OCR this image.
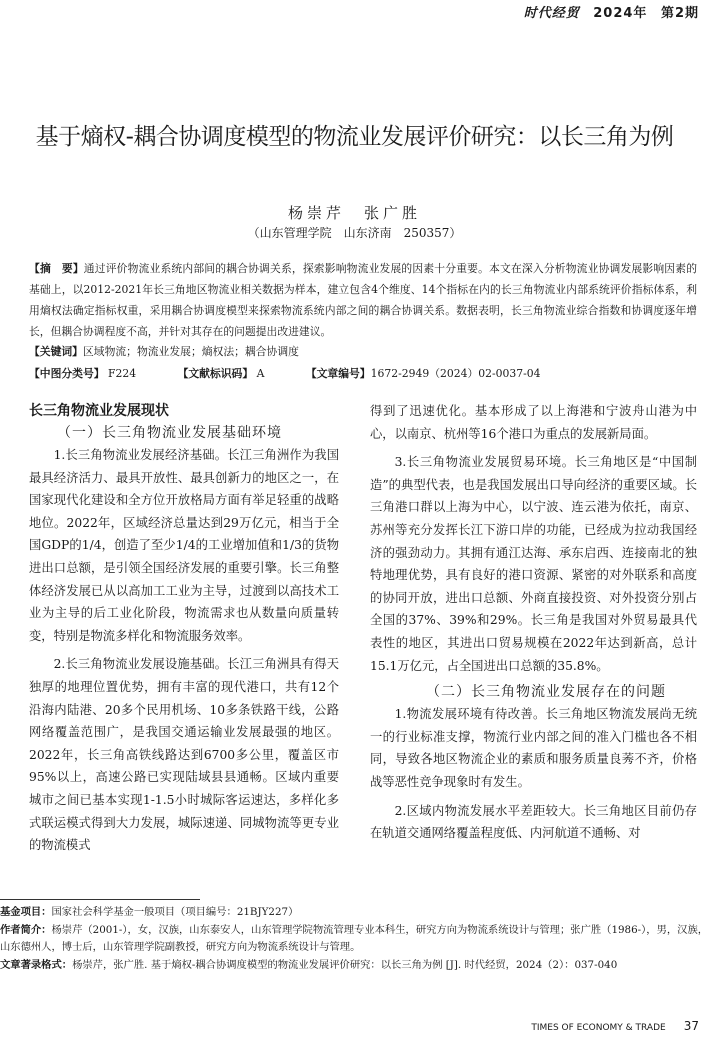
时代经贸 2024年 第2期
基于熵权-耦合协调度模型的物流业发展评价研究：以长三角为例
杨崇芹　张广胜
（山东管理学院　山东济南　250357）
【摘　要】通过评价物流业系统内部间的耦合协调关系，探索影响物流业发展的因素十分重要。本文在深入分析物流业协调发展影响因素的基础上，以2012-2021年长三角地区物流业相关数据为样本，建立包含4个维度、14个指标在内的长三角物流业内部系统评价指标体系，利用熵权法确定指标权重，采用耦合协调度模型来探索物流系统内部之间的耦合协调关系。数据表明，长三角物流业综合指数和协调度逐年增长，但耦合协调程度不高，并针对其存在的问题提出改进建议。
【关键词】区域物流；物流业发展；熵权法；耦合协调度
【中图分类号】 F224	【文献标识码】 A	【文章编号】1672-2949（2024）02-0037-04

长三角物流业发展现状

（一）长三角物流业发展基础环境

1.长三角物流业发展经济基础。长江三角洲作为我国最具经济活力、最具开放性、最具创新力的地区之一，在国家现代化建设和全方位开放格局方面有举足轻重的战略地位。2022年，区域经济总量达到29万亿元，相当于全国GDP的1/4，创造了至少1/4的工业增加值和1/3的货物进出口总额，是引领全国经济发展的重要引擎。长三角整体经济发展已从以高加工工业为主导，过渡到以高技术工业为主导的后工业化阶段，物流需求也从数量向质量转变，特别是物流多样化和物流服务效率。

2.长三角物流业发展设施基础。长江三角洲具有得天独厚的地理位置优势，拥有丰富的现代港口，共有12个沿海内陆港、20多个民用机场、10多条铁路干线，公路网络覆盖范围广，是我国交通运输业发展最强的地区。2022年，长三角高铁线路达到6700多公里，覆盖区市95%以上，高速公路已实现陆域县县通畅。区域内重要城市之间已基本实现1-1.5小时城际客运速达，多样化多式联运模式得到大力发展，城际速递、同城物流等更专业的物流模式

得到了迅速优化。基本形成了以上海港和宁波舟山港为中心，以南京、杭州等16个港口为重点的发展新局面。

3.长三角物流业发展贸易环境。长三角地区是“中国制造”的典型代表，也是我国发展出口导向经济的重要区域。长三角港口群以上海为中心，以宁波、连云港为依托，南京、苏州等充分发挥长江下游口岸的功能，已经成为拉动我国经济的强劲动力。其拥有通江达海、承东启西、连接南北的独特地理优势，具有良好的港口资源、紧密的对外联系和高度的协同开放，进出口总额、外商直接投资、对外投资分别占全国的37%、39%和29%。长三角是我国对外贸易最具代表性的地区，其进出口贸易规模在2022年达到新高，总计15.1万亿元，占全国进出口总额的35.8%。

（二）长三角物流业发展存在的问题

1.物流发展环境有待改善。长三角地区物流发展尚无统一的行业标准支撑，物流行业内部之间的准入门槛也各不相同，导致各地区物流企业的素质和服务质量良莠不齐，价格战等恶性竞争现象时有发生。

2.区域内物流发展水平差距较大。长三角地区目前仍存在轨道交通网络覆盖程度低、内河航道不通畅、对

基金项目：国家社会科学基金一般项目（项目编号：21BJY227）

作者简介：杨崇芹（2001-），女，汉族，山东泰安人，山东管理学院物流管理专业本科生，研究方向为物流系统设计与管理；张广胜（1986-），男，汉族，山东德州人，博士后，山东管理学院副教授，研究方向为物流系统设计与管理。

文章著录格式：杨崇芹，张广胜. 基于熵权-耦合协调度模型的物流业发展评价研究：以长三角为例 [J]. 时代经贸，2024（2）：037-040

TIMES OF ECONOMY & TRADE 37
